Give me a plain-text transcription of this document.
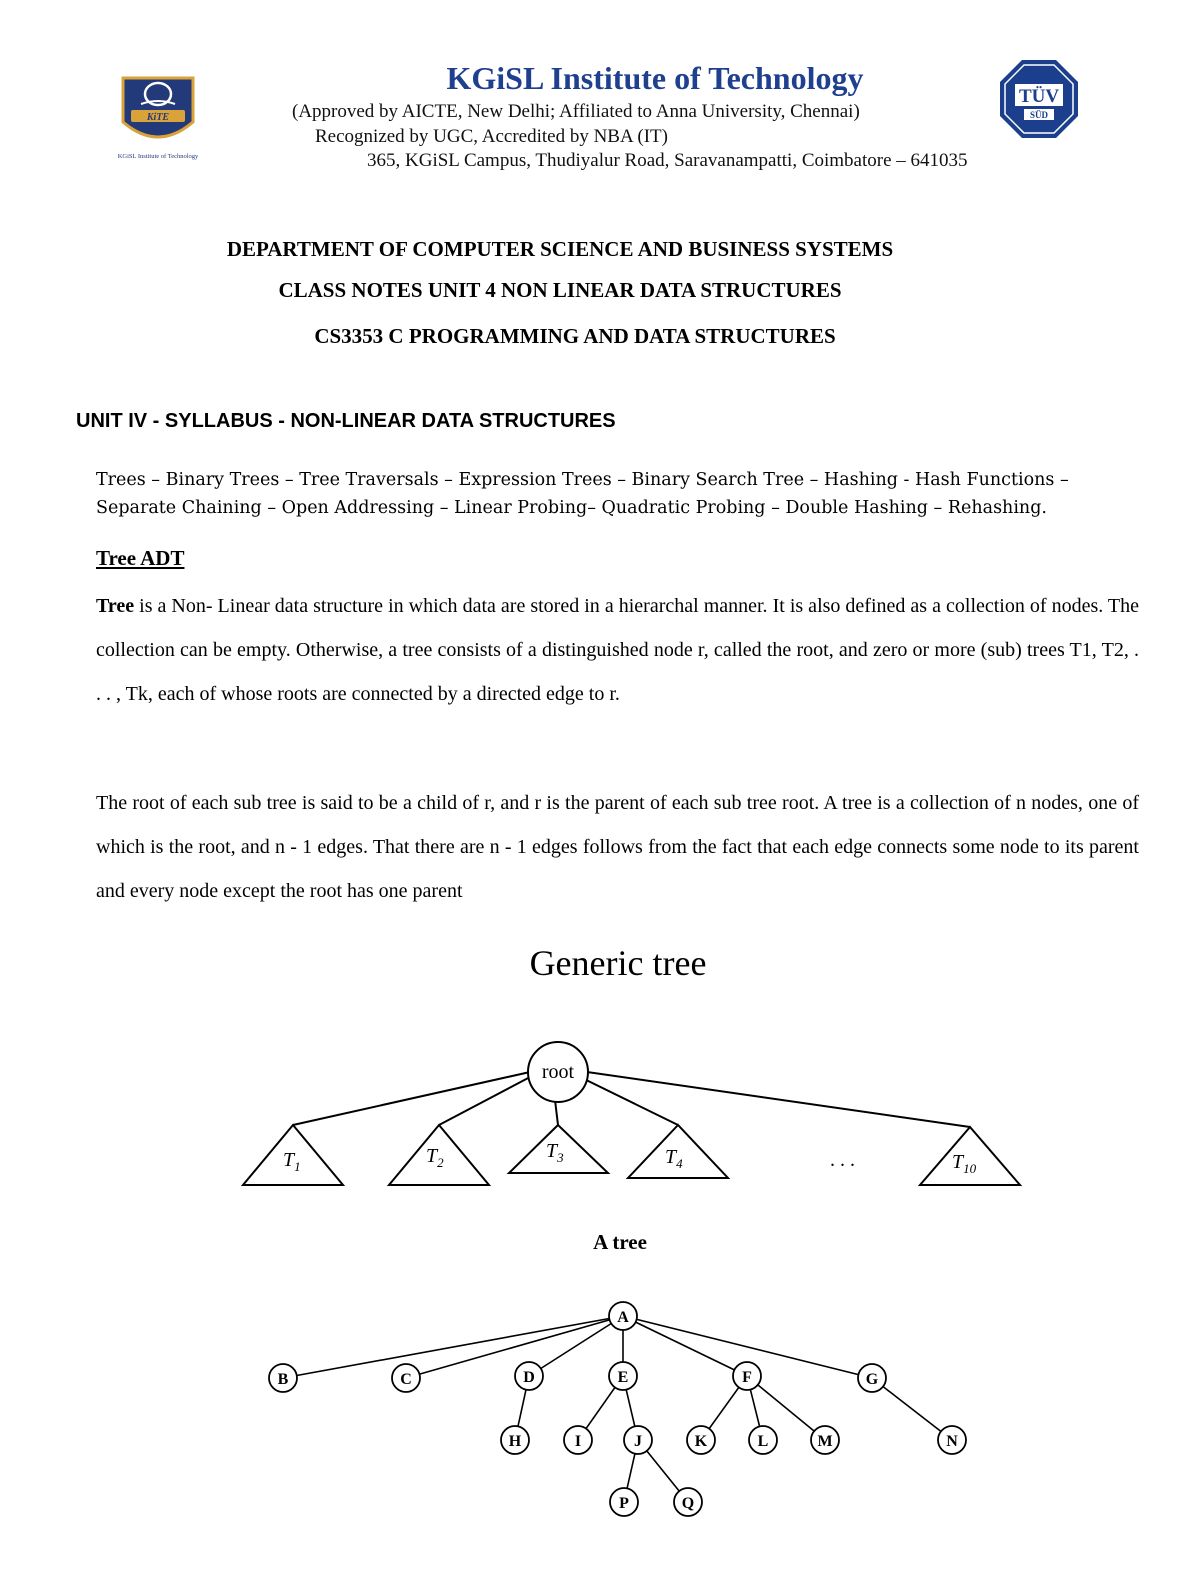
KiTE
KGiSL Institute of Technology
TÜV
SÜD
KGiSL Institute of Technology
(Approved by AICTE, New Delhi; Affiliated to Anna University, Chennai)
Recognized by UGC, Accredited by NBA (IT)
365, KGiSL Campus, Thudiyalur Road, Saravanampatti, Coimbatore – 641035
DEPARTMENT OF COMPUTER SCIENCE AND BUSINESS SYSTEMS
CLASS NOTES UNIT 4 NON LINEAR DATA STRUCTURES
CS3353 C PROGRAMMING AND DATA STRUCTURES
UNIT IV - SYLLABUS - NON-LINEAR DATA STRUCTURES
Trees – Binary Trees – Tree Traversals – Expression Trees – Binary Search Tree – Hashing - Hash Functions – Separate Chaining – Open Addressing – Linear Probing– Quadratic Probing – Double Hashing – Rehashing.
Tree ADT
Tree is a Non- Linear data structure in which data are stored in a hierarchal manner. It is also defined as a collection of nodes. The collection can be empty. Otherwise, a tree consists of a distinguished node r, called the root, and zero or more (sub) trees T1, T2, . . . , Tk, each of whose roots are connected by a directed edge to r.
The root of each sub tree is said to be a child of r, and r is the parent of each sub tree root. A tree is a collection of n nodes, one of which is the root, and n - 1 edges. That there are n - 1 edges follows from the fact that each edge connects some node to its parent and every node except the root has one parent
Generic tree
root
$T_1$	$T_2$
$T_3$	$T_4$	$T_{10}$
. . .
A tree
A
B	C	D	E	F	G
H	I	J	K	L	M	N
P	Q
